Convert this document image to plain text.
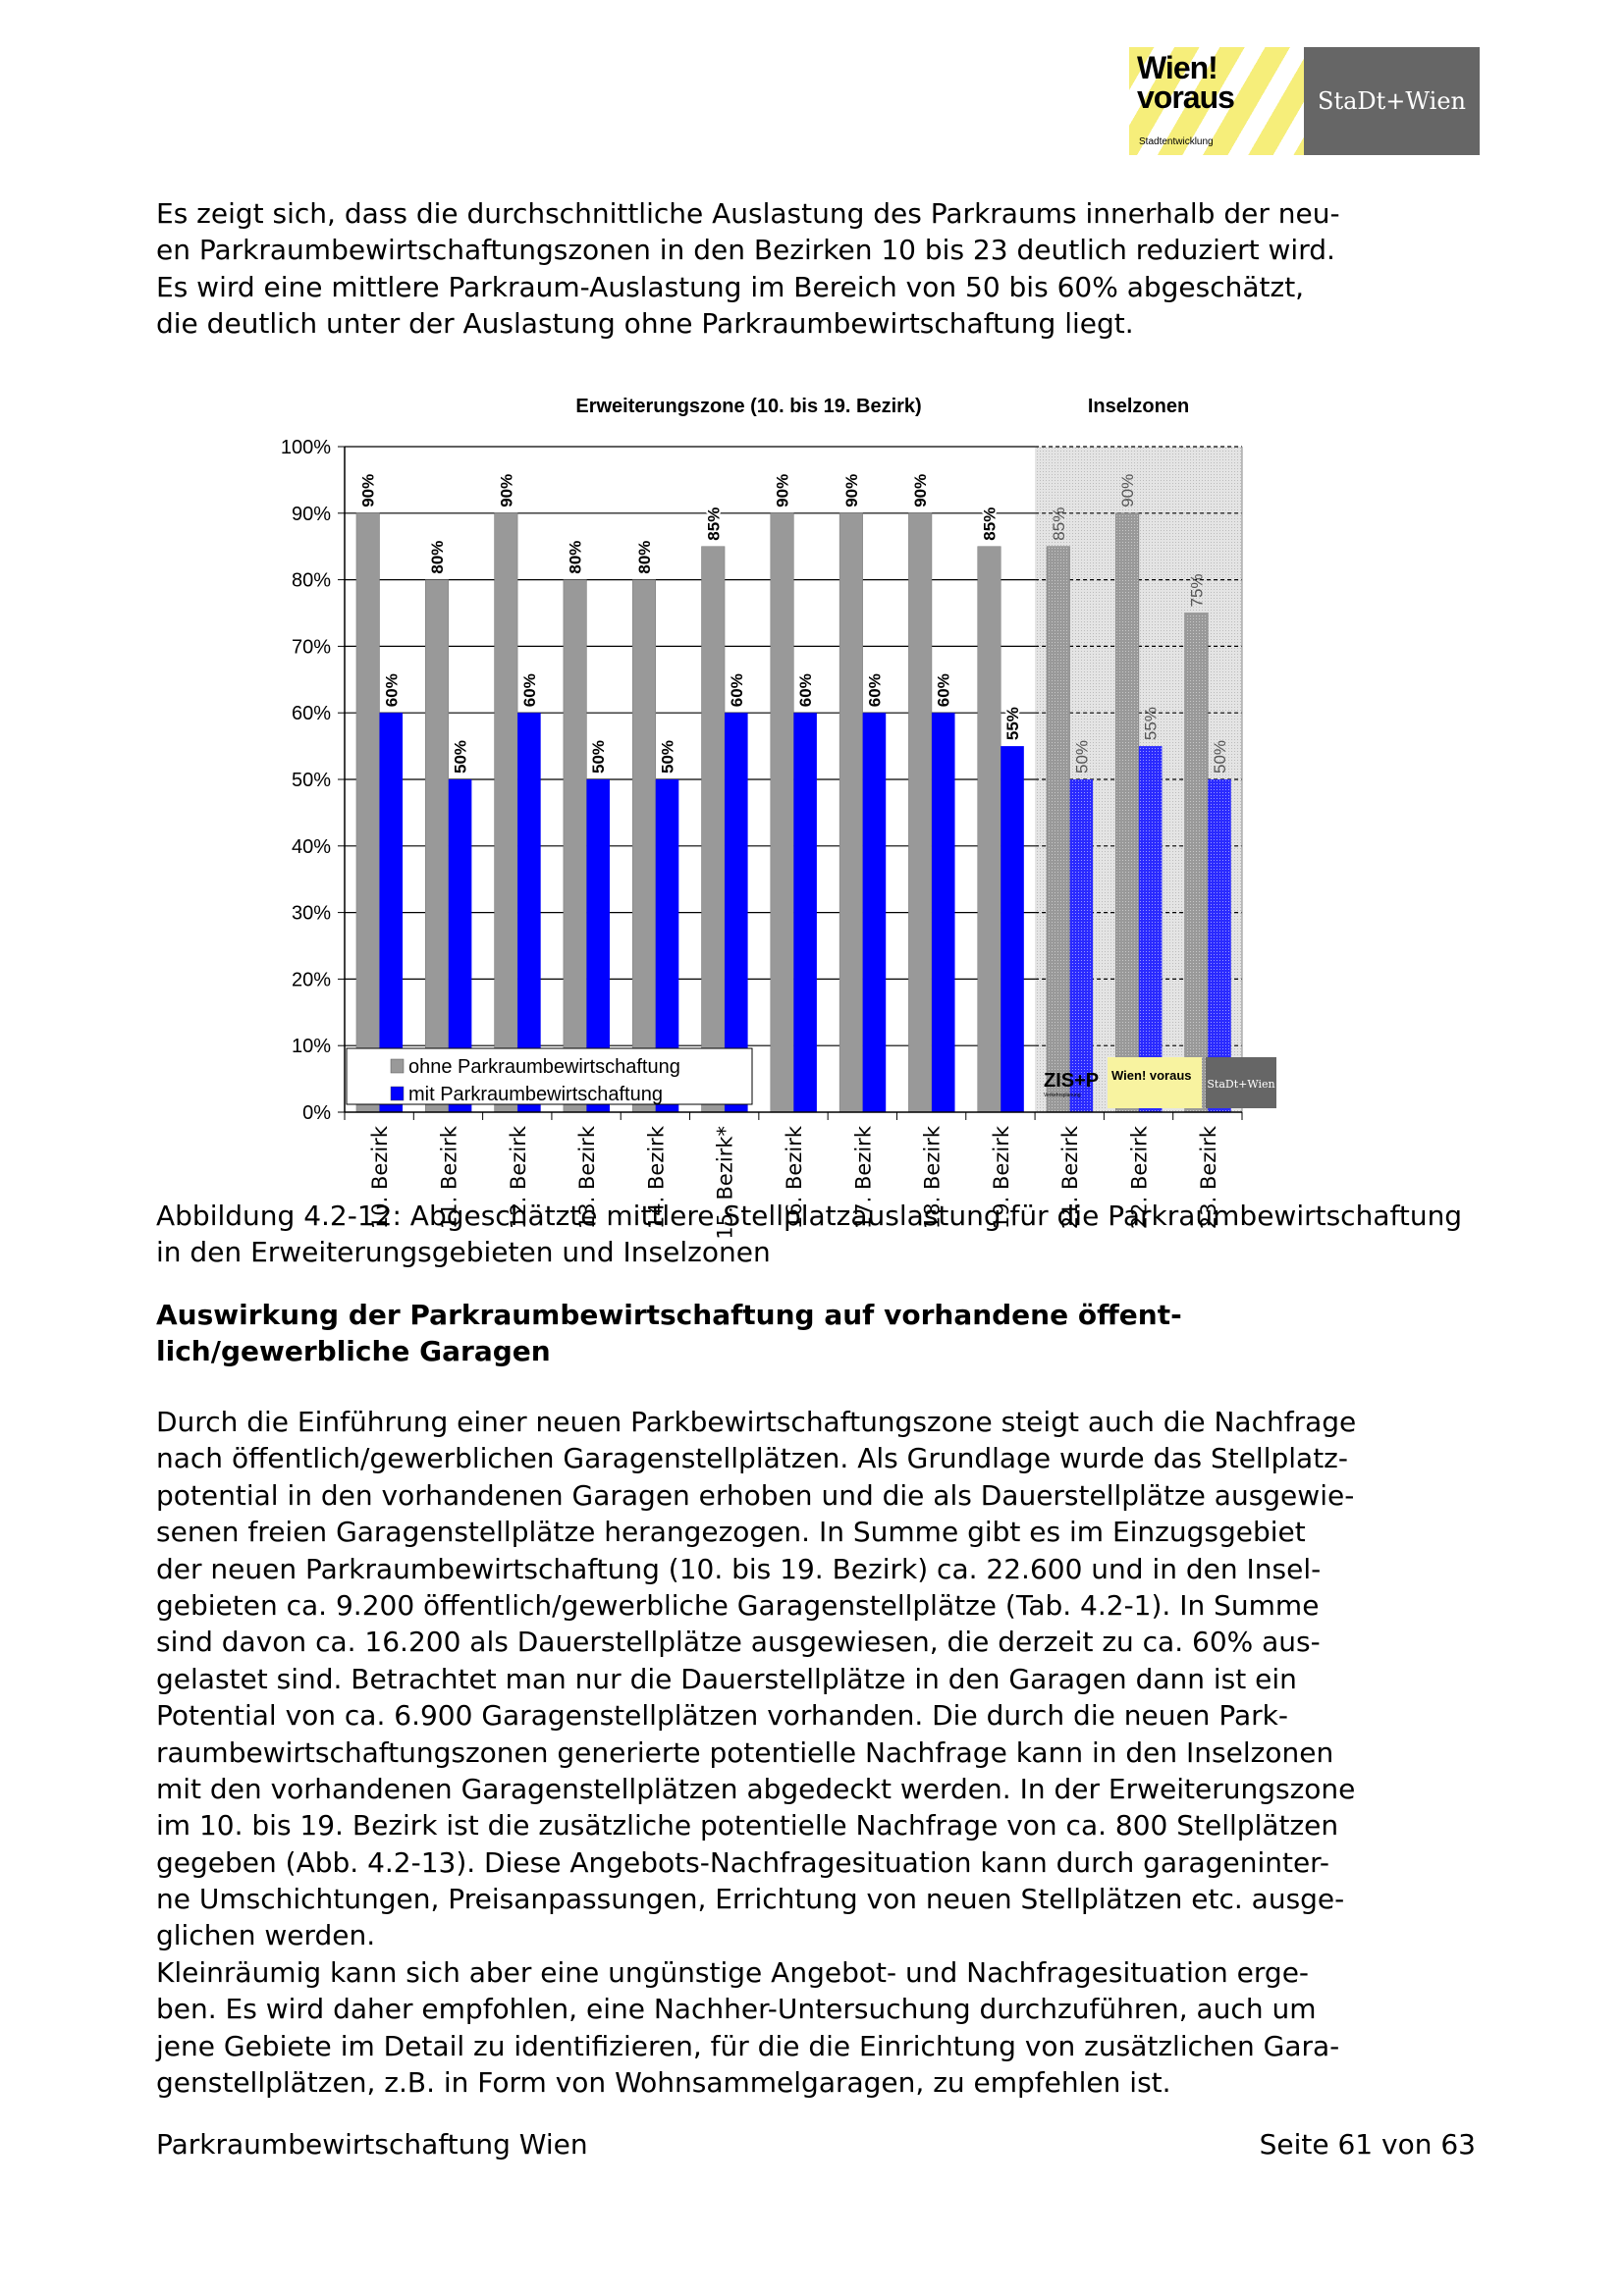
Wien!
voraus
Stadtentwicklung
StaDt+Wien
Es zeigt sich, dass die durchschnittliche Auslastung des Parkraums innerhalb der neu-
en Parkraumbewirtschaftungszonen in den Bezirken 10 bis 23 deutlich reduziert wird.
Es wird eine mittlere Parkraum-Auslastung im Bereich von 50 bis 60% abgeschätzt,
die deutlich unter der Auslastung ohne Parkraumbewirtschaftung liegt.
0%
10%
20%
30%
40%
50%
60%
70%
80%
90%
100%
Erweiterungszone (10. bis 19. Bezirk)	Inselzonen
90%
60%
10. Bezirk
80%
50%
11. Bezirk
90%
60%
12. Bezirk
80%
50%
13. Bezirk
80%
50%
14. Bezirk
85%
60%
15. Bezirk*
90%
60%
16. Bezirk
90%
60%
17. Bezirk
90%
60%
18. Bezirk
85%
55%
19. Bezirk
85%
50%
21. Bezirk
90%
55%
22. Bezirk
75%
50%
23. Bezirk
ohne Parkraumbewirtschaftung
mit Parkraumbewirtschaftung
ZIS+P
Verkehrsplanung
Wien! voraus
StaDt+Wien
Abbildung 4.2-12: Abgeschätzte mittlere Stellplatzauslastung für die Parkraumbewirtschaftung
in den Erweiterungsgebieten und Inselzonen
Auswirkung der Parkraumbewirtschaftung auf vorhandene öffent-
lich/gewerbliche Garagen
Durch die Einführung einer neuen Parkbewirtschaftungszone steigt auch die Nachfrage
nach öffentlich/gewerblichen Garagenstellplätzen. Als Grundlage wurde das Stellplatz-
potential in den vorhandenen Garagen erhoben und die als Dauerstellplätze ausgewie-
senen freien Garagenstellplätze herangezogen. In Summe gibt es im Einzugsgebiet
der neuen Parkraumbewirtschaftung (10. bis 19. Bezirk) ca. 22.600 und in den Insel-
gebieten ca. 9.200 öffentlich/gewerbliche Garagenstellplätze (Tab. 4.2-1). In Summe
sind davon ca. 16.200 als Dauerstellplätze ausgewiesen, die derzeit zu ca. 60% aus-
gelastet sind. Betrachtet man nur die Dauerstellplätze in den Garagen dann ist ein
Potential von ca. 6.900 Garagenstellplätzen vorhanden. Die durch die neuen Park-
raumbewirtschaftungszonen generierte potentielle Nachfrage kann in den Inselzonen
mit den vorhandenen Garagenstellplätzen abgedeckt werden. In der Erweiterungszone
im 10. bis 19. Bezirk ist die zusätzliche potentielle Nachfrage von ca. 800 Stellplätzen
gegeben (Abb. 4.2-13). Diese Angebots-Nachfragesituation kann durch garageninter-
ne Umschichtungen, Preisanpassungen, Errichtung von neuen Stellplätzen etc. ausge-
glichen werden.
Kleinräumig kann sich aber eine ungünstige Angebot- und Nachfragesituation erge-
ben. Es wird daher empfohlen, eine Nachher-Untersuchung durchzuführen, auch um
jene Gebiete im Detail zu identifizieren, für die die Einrichtung von zusätzlichen Gara-
genstellplätzen, z.B. in Form von Wohnsammelgaragen, zu empfehlen ist.
Parkraumbewirtschaftung Wien	Seite 61 von 63
